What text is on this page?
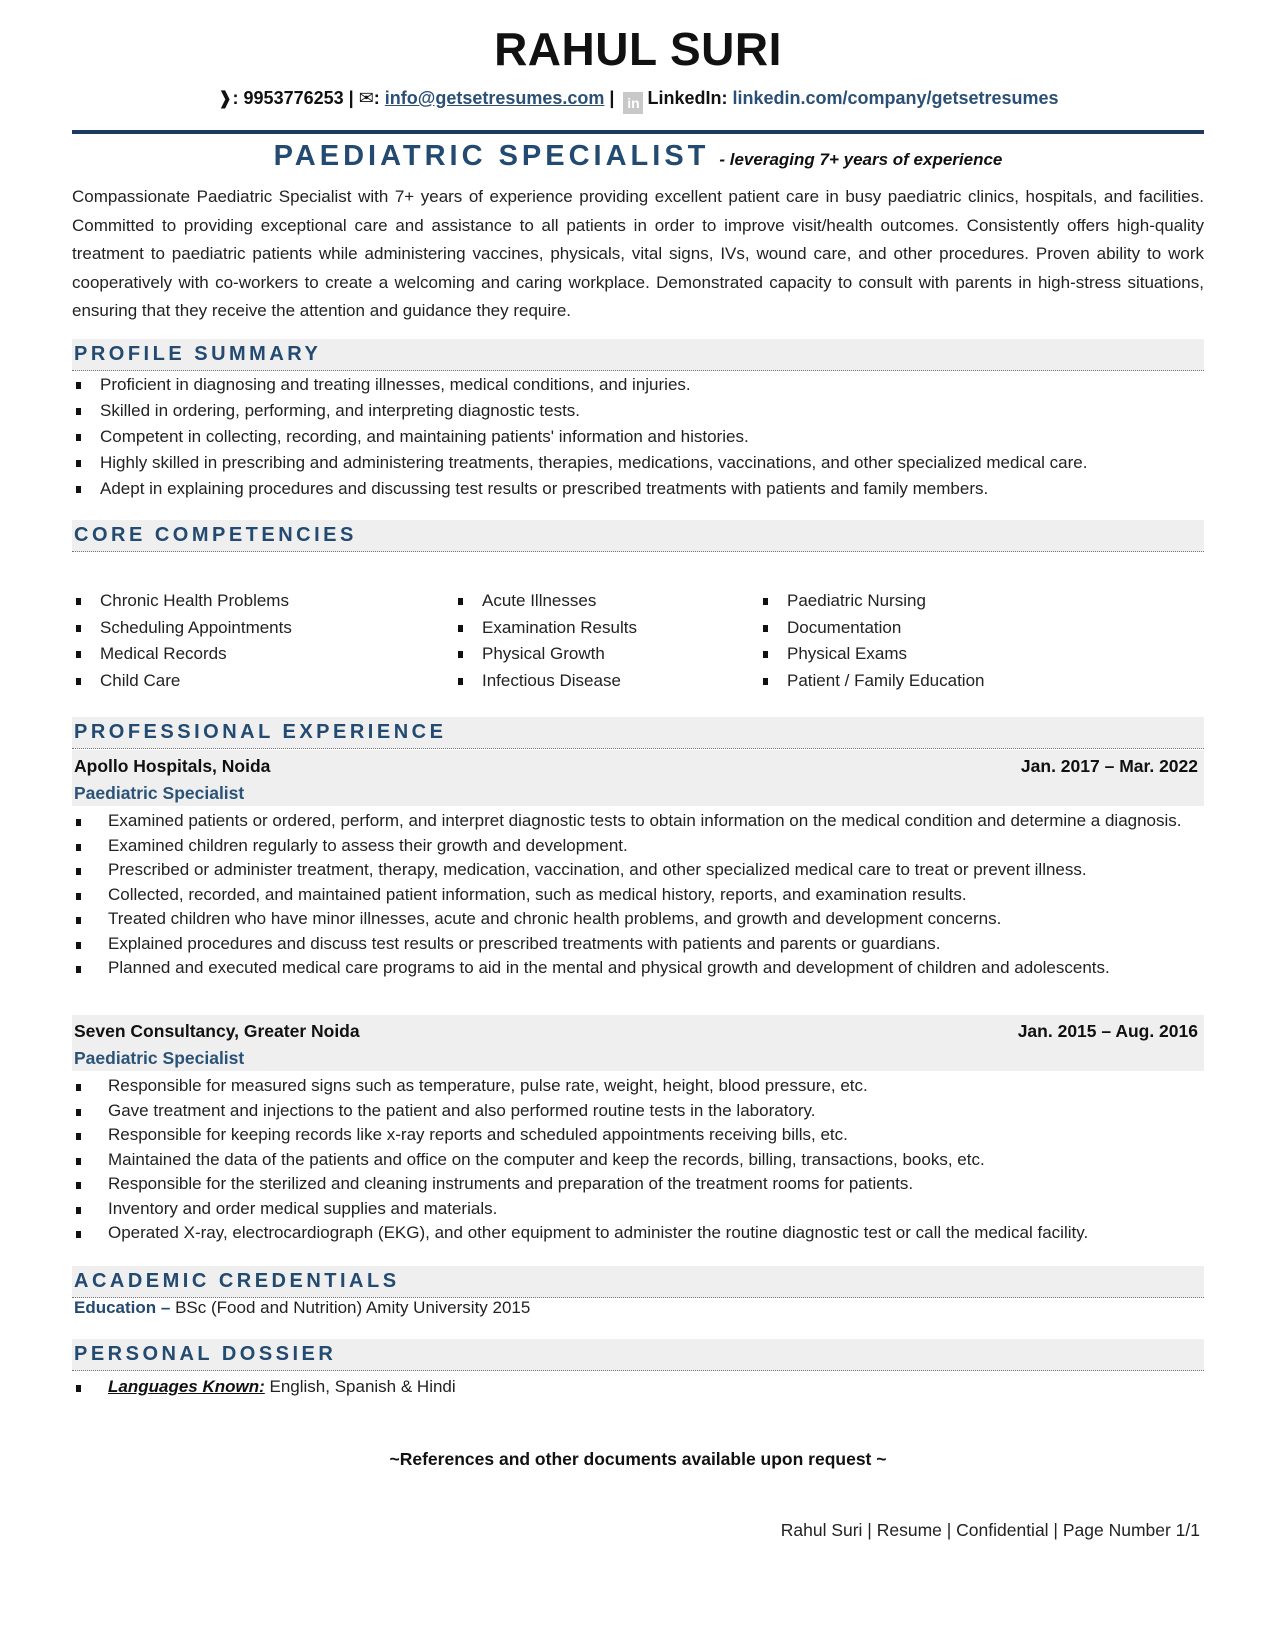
RAHUL SURI
❱: 9953776253 | ✉: info@getsetresumes.com | in LinkedIn: linkedin.com/company/getsetresumes
PAEDIATRIC SPECIALIST - leveraging 7+ years of experience

Compassionate Paediatric Specialist with 7+ years of experience providing excellent patient care in busy paediatric clinics, hospitals, and facilities. Committed to providing exceptional care and assistance to all patients in order to improve visit/health outcomes. Consistently offers high-quality treatment to paediatric patients while administering vaccines, physicals, vital signs, IVs, wound care, and other procedures. Proven ability to work cooperatively with co-workers to create a welcoming and caring workplace. Demonstrated capacity to consult with parents in high-stress situations, ensuring that they receive the attention and guidance they require.

PROFILE SUMMARY
Proficient in diagnosing and treating illnesses, medical conditions, and injuries.
Skilled in ordering, performing, and interpreting diagnostic tests.
Competent in collecting, recording, and maintaining patients' information and histories.
Highly skilled in prescribing and administering treatments, therapies, medications, vaccinations, and other specialized medical care.
Adept in explaining procedures and discussing test results or prescribed treatments with patients and family members.
CORE COMPETENCIES
Chronic Health Problems
Scheduling Appointments
Medical Records
Child Care
Acute Illnesses
Examination Results
Physical Growth
Infectious Disease
Paediatric Nursing
Documentation
Physical Exams
Patient / Family Education
PROFESSIONAL EXPERIENCE
Apollo Hospitals, Noida	Jan. 2017 – Mar. 2022
Paediatric Specialist
Examined patients or ordered, perform, and interpret diagnostic tests to obtain information on the medical condition and determine a diagnosis.
Examined children regularly to assess their growth and development.
Prescribed or administer treatment, therapy, medication, vaccination, and other specialized medical care to treat or prevent illness.
Collected, recorded, and maintained patient information, such as medical history, reports, and examination results.
Treated children who have minor illnesses, acute and chronic health problems, and growth and development concerns.
Explained procedures and discuss test results or prescribed treatments with patients and parents or guardians.
Planned and executed medical care programs to aid in the mental and physical growth and development of children and adolescents.
Seven Consultancy, Greater Noida	Jan. 2015 – Aug. 2016
Paediatric Specialist
Responsible for measured signs such as temperature, pulse rate, weight, height, blood pressure, etc.
Gave treatment and injections to the patient and also performed routine tests in the laboratory.
Responsible for keeping records like x-ray reports and scheduled appointments receiving bills, etc.
Maintained the data of the patients and office on the computer and keep the records, billing, transactions, books, etc.
Responsible for the sterilized and cleaning instruments and preparation of the treatment rooms for patients.
Inventory and order medical supplies and materials.
Operated X-ray, electrocardiograph (EKG), and other equipment to administer the routine diagnostic test or call the medical facility.
ACADEMIC CREDENTIALS
Education – BSc (Food and Nutrition) Amity University 2015
PERSONAL DOSSIER
Languages Known: English, Spanish & Hindi
~References and other documents available upon request ~
Rahul Suri | Resume | Confidential | Page Number 1/1
